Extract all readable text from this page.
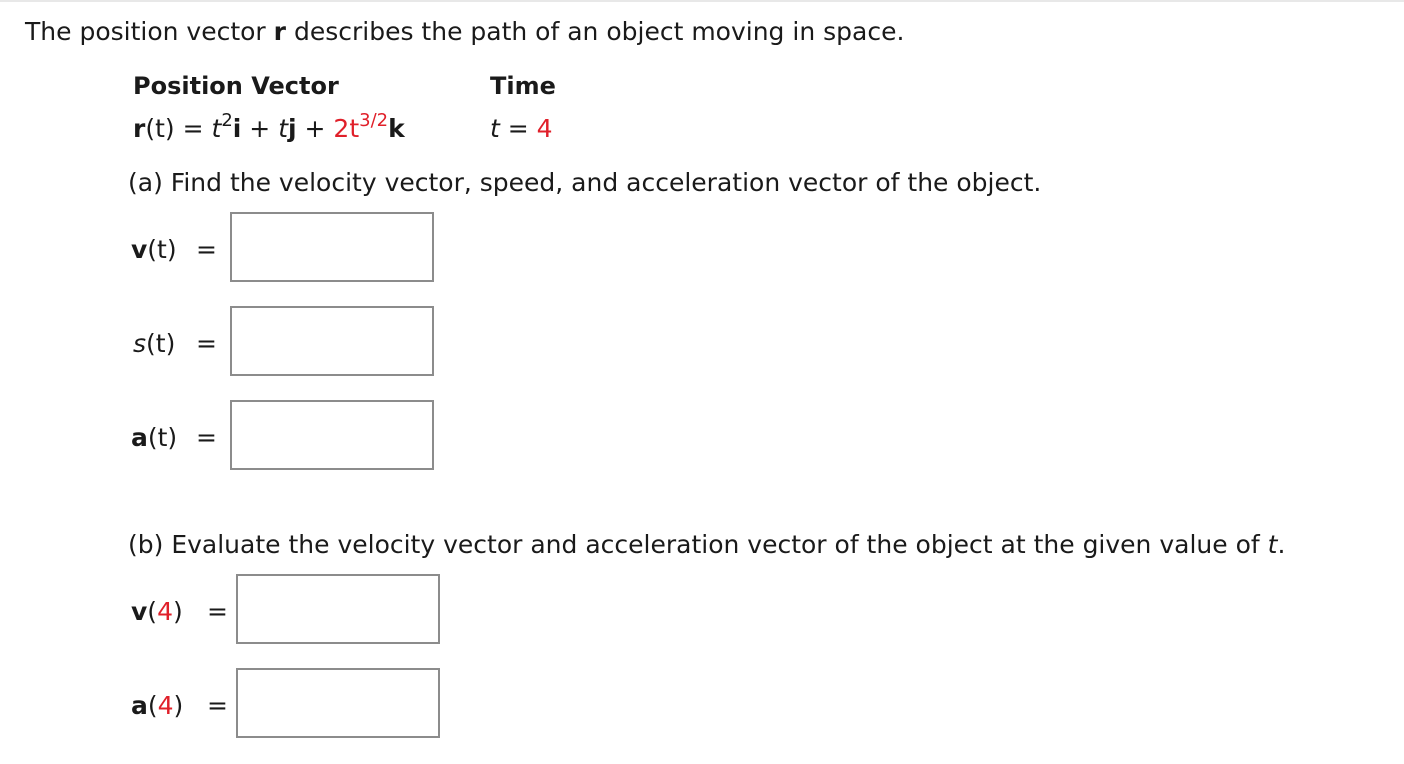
The position vector r describes the path of an object moving in space.
Position Vector	Time
$r(t) = t^2i$ + tj + $2t^{3/2}k$	t = 4
(a) Find the velocity vector, speed, and acceleration vector of the object.
v(t) =
s(t) =
a(t) =
(b) Evaluate the velocity vector and acceleration vector of the object at the given value of t.
v(4) =
a(4) =
